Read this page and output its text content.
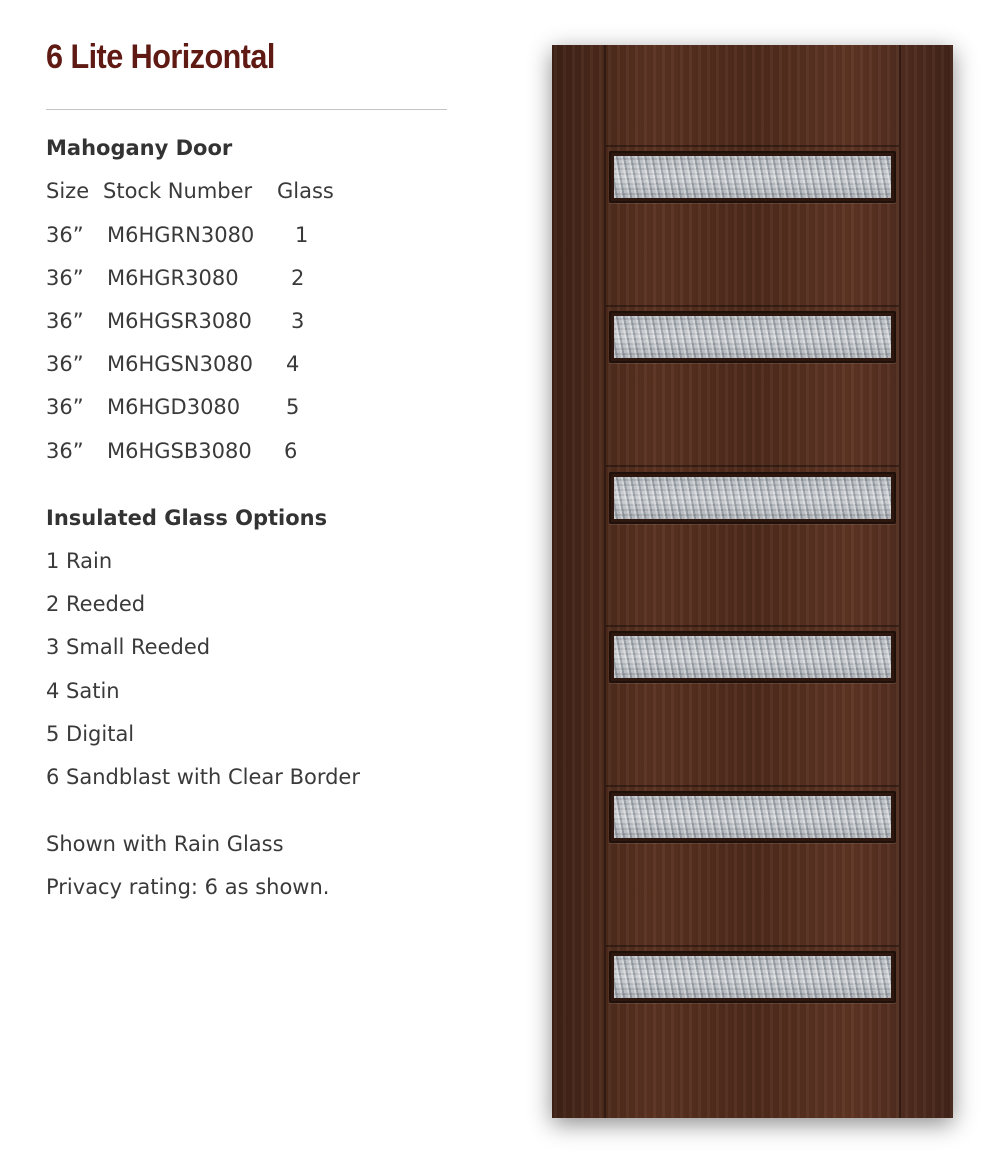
6 Lite Horizontal
Mahogany Door
Size Stock Number Glass
36” M6HGRN3080 1
36” M6HGR3080 2
36” M6HGSR3080 3
36” M6HGSN3080 4
36” M6HGD3080 5
36” M6HGSB3080 6
Insulated Glass Options
1 Rain
2 Reeded
3 Small Reeded
4 Satin
5 Digital
6 Sandblast with Clear Border
Shown with Rain Glass
Privacy rating: 6 as shown.
